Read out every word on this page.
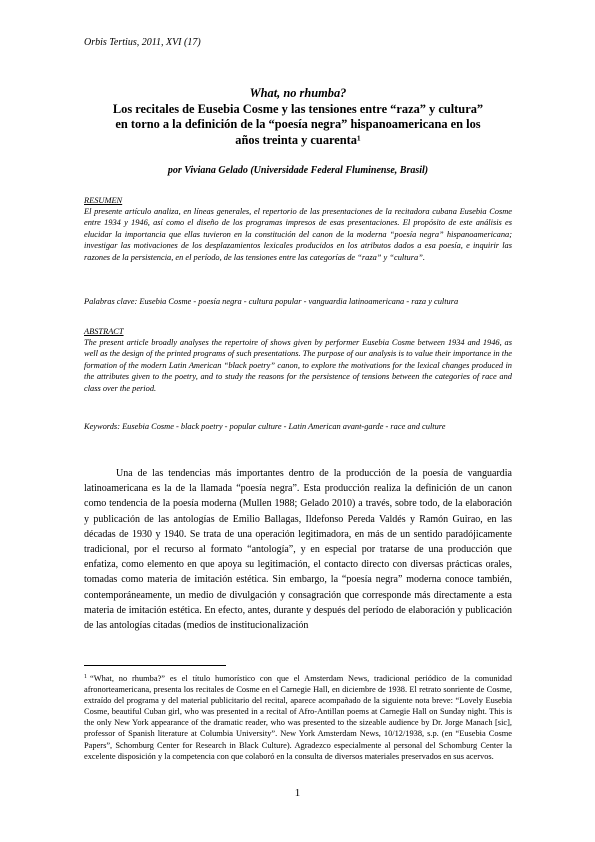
Orbis Tertius, 2011, XVI (17)
What, no rhumba?
Los recitales de Eusebia Cosme y las tensiones entre “raza” y cultura”
en torno a la definición de la “poesía negra” hispanoamericana en los
años treinta y cuarenta¹
por Viviana Gelado (Universidade Federal Fluminense, Brasil)
RESUMEN
El presente artículo analiza, en líneas generales, el repertorio de las presentaciones de la recitadora cubana Eusebia Cosme entre 1934 y 1946, así como el diseño de los programas impresos de esas presentaciones. El propósito de este análisis es elucidar la importancia que ellas tuvieron en la constitución del canon de la moderna “poesía negra” hispanoamericana; investigar las motivaciones de los desplazamientos lexicales producidos en los atributos dados a esa poesía, e inquirir las razones de la persistencia, en el período, de las tensiones entre las categorías de “raza” y “cultura”.
Palabras clave: Eusebia Cosme - poesía negra - cultura popular - vanguardia latinoamericana - raza y cultura
ABSTRACT
The present article broadly analyses the repertoire of shows given by performer Eusebia Cosme between 1934 and 1946, as well as the design of the printed programs of such presentations. The purpose of our analysis is to value their importance in the formation of the modern Latin American “black poetry” canon, to explore the motivations for the lexical changes produced in the attributes given to the poetry, and to study the reasons for the persistence of tensions between the categories of race and class over the period.
Keywords: Eusebia Cosme - black poetry - popular culture - Latin American avant-garde - race and culture
Una de las tendencias más importantes dentro de la producción de la poesía de vanguardia latinoamericana es la de la llamada “poesía negra”. Esta producción realiza la definición de un canon como tendencia de la poesía moderna (Mullen 1988; Gelado 2010) a través, sobre todo, de la elaboración y publicación de las antologías de Emilio Ballagas, Ildefonso Pereda Valdés y Ramón Guirao, en las décadas de 1930 y 1940. Se trata de una operación legitimadora, en más de un sentido paradójicamente tradicional, por el recurso al formato “antología”, y en especial por tratarse de una producción que enfatiza, como elemento en que apoya su legitimación, el contacto directo con diversas prácticas orales, tomadas como materia de imitación estética. Sin embargo, la “poesía negra” moderna conoce también, contemporáneamente, un medio de divulgación y consagración que corresponde más directamente a esta materia de imitación estética. En efecto, antes, durante y después del período de elaboración y publicación de las antologías citadas (medios de institucionalización
$^1$ “What, no rhumba?” es el título humorístico con que el Amsterdam News, tradicional periódico de la comunidad afronorteamericana, presenta los recitales de Cosme en el Carnegie Hall, en diciembre de 1938. El retrato sonriente de Cosme, extraído del programa y del material publicitario del recital, aparece acompañado de la siguiente nota breve: “Lovely Eusebia Cosme, beautiful Cuban girl, who was presented in a recital of Afro-Antillan poems at Carnegie Hall on Sunday night. This is the only New York appearance of the dramatic reader, who was presented to the sizeable audience by Dr. Jorge Manach [sic], professor of Spanish literature at Columbia University”. New York Amsterdam News, 10/12/1938, s.p. (en “Eusebia Cosme Papers”, Schomburg Center for Research in Black Culture). Agradezco especialmente al personal del Schomburg Center la excelente disposición y la competencia con que colaboró en la consulta de diversos materiales preservados en sus acervos.
1
